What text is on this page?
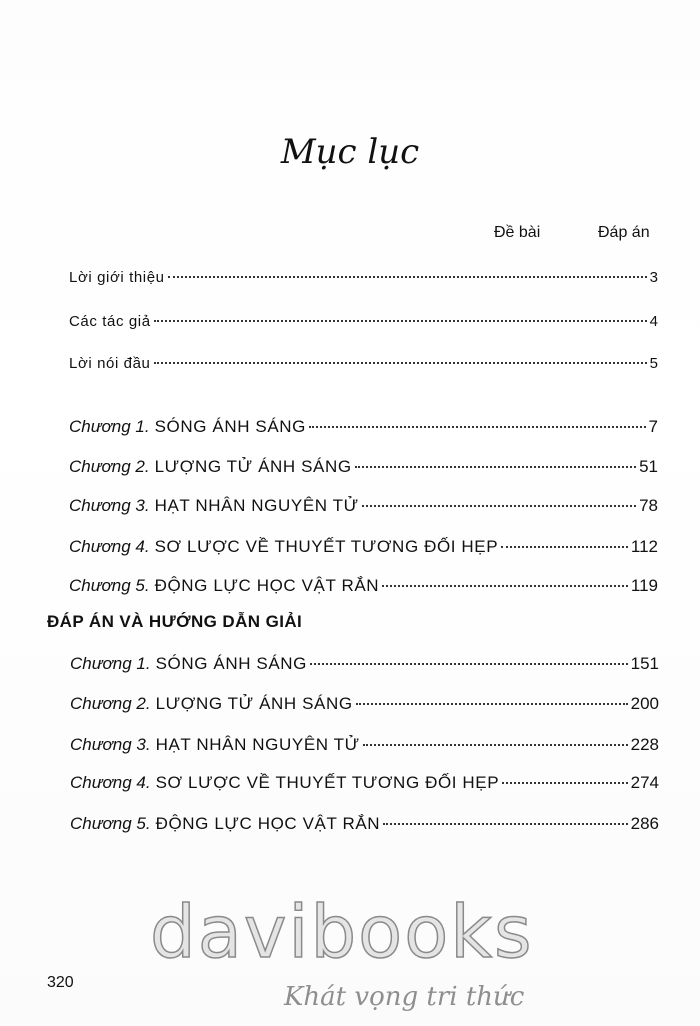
Mục lục
Đề bài	Đáp án
Lời giới thiệu	3
Các tác giả	4
Lời nói đầu	5
Chương 1. SÓNG ÁNH SÁNG	7
Chương 2. LƯỢNG TỬ ÁNH SÁNG	51
Chương 3. HẠT NHÂN NGUYÊN TỬ	78
Chương 4. SƠ LƯỢC VỀ THUYẾT TƯƠNG ĐỐI HẸP	112
Chương 5. ĐỘNG LỰC HỌC VẬT RẮN	119
ĐÁP ÁN VÀ HƯỚNG DẪN GIẢI
Chương 1. SÓNG ÁNH SÁNG	151
Chương 2. LƯỢNG TỬ ÁNH SÁNG	200
Chương 3. HẠT NHÂN NGUYÊN TỬ	228
Chương 4. SƠ LƯỢC VỀ THUYẾT TƯƠNG ĐỐI HẸP	274
Chương 5. ĐỘNG LỰC HỌC VẬT RẮN	286
davibooks
Khát vọng tri thức
320
